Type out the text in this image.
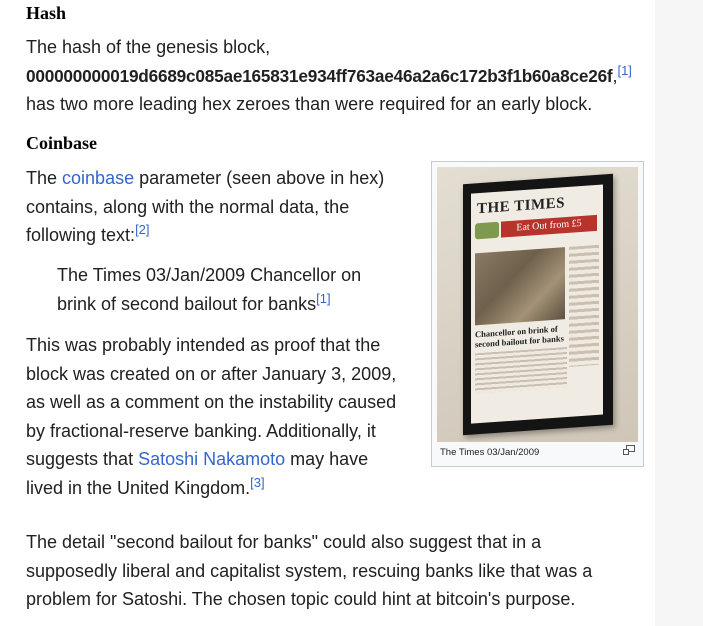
Hash
The hash of the genesis block,
000000000019d6689c085ae165831e934ff763ae46a2a6c172b3f1b60a8ce26f,[1]
has two more leading hex zeroes than were required for an early block.
Coinbase
The coinbase parameter (seen above in hex)
contains, along with the normal data, the
following text:[2]
The Times 03/Jan/2009 Chancellor on
brink of second bailout for banks[1]
This was probably intended as proof that the
block was created on or after January 3, 2009,
as well as a comment on the instability caused
by fractional-reserve banking. Additionally, it
suggests that Satoshi Nakamoto may have
lived in the United Kingdom.[3]
The detail "second bailout for banks" could also suggest that in a
supposedly liberal and capitalist system, rescuing banks like that was a
problem for Satoshi. The chosen topic could hint at bitcoin's purpose.
THE TIMES
Eat Out from £5
Chancellor on brink of second bailout for banks
The Times 03/Jan/2009
